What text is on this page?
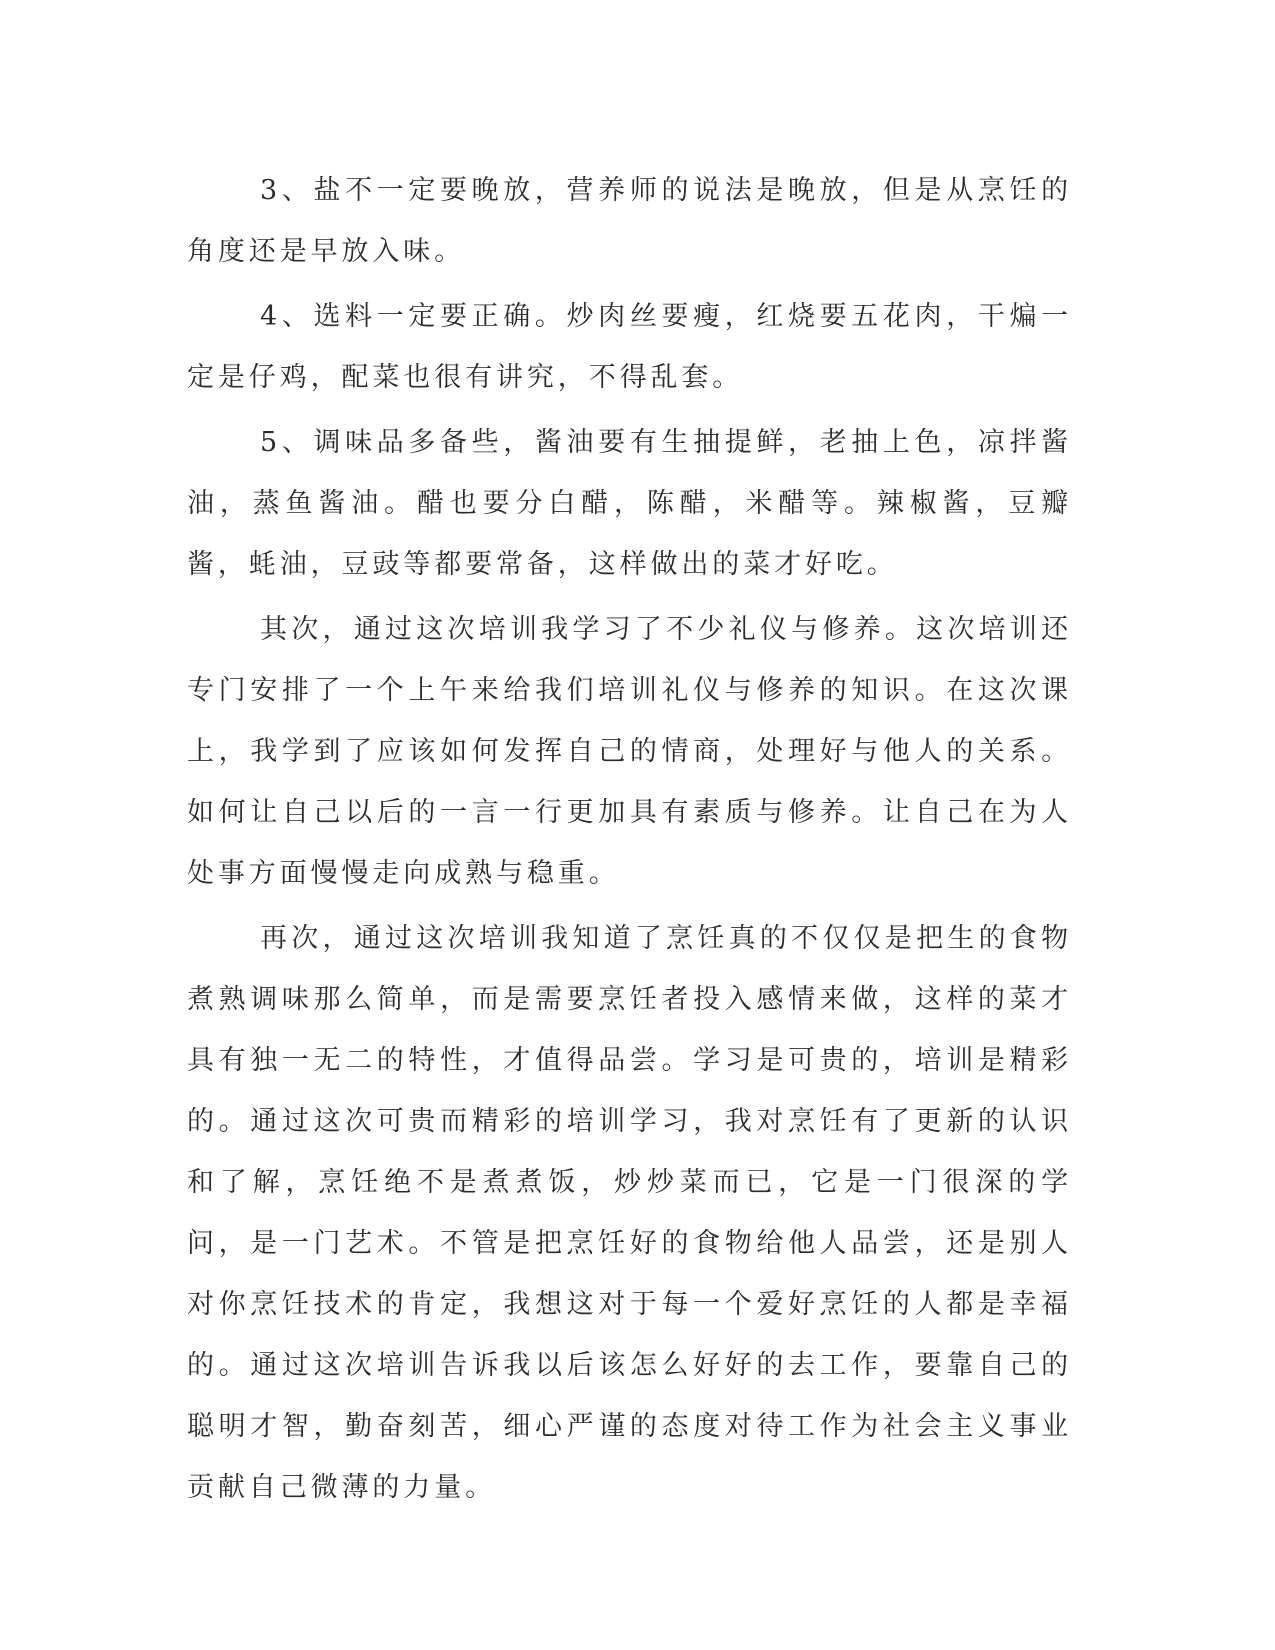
3、盐不一定要晚放，营养师的说法是晚放，但是从烹饪的角度还是早放入味。

4、选料一定要正确。炒肉丝要瘦，红烧要五花肉，干煸一定是仔鸡，配菜也很有讲究，不得乱套。

5、调味品多备些，酱油要有生抽提鲜，老抽上色，凉拌酱油，蒸鱼酱油。醋也要分白醋，陈醋，米醋等。辣椒酱，豆瓣酱，蚝油，豆豉等都要常备，这样做出的菜才好吃。

其次，通过这次培训我学习了不少礼仪与修养。这次培训还专门安排了一个上午来给我们培训礼仪与修养的知识。在这次课上，我学到了应该如何发挥自己的情商，处理好与他人的关系。如何让自己以后的一言一行更加具有素质与修养。让自己在为人处事方面慢慢走向成熟与稳重。

再次，通过这次培训我知道了烹饪真的不仅仅是把生的食物煮熟调味那么简单，而是需要烹饪者投入感情来做，这样的菜才具有独一无二的特性，才值得品尝。学习是可贵的，培训是精彩的。通过这次可贵而精彩的培训学习，我对烹饪有了更新的认识和了解，烹饪绝不是煮煮饭，炒炒菜而已，它是一门很深的学问，是一门艺术。不管是把烹饪好的食物给他人品尝，还是别人对你烹饪技术的肯定，我想这对于每一个爱好烹饪的人都是幸福的。通过这次培训告诉我以后该怎么好好的去工作，要靠自己的聪明才智，勤奋刻苦，细心严谨的态度对待工作为社会主义事业贡献自己微薄的力量。
